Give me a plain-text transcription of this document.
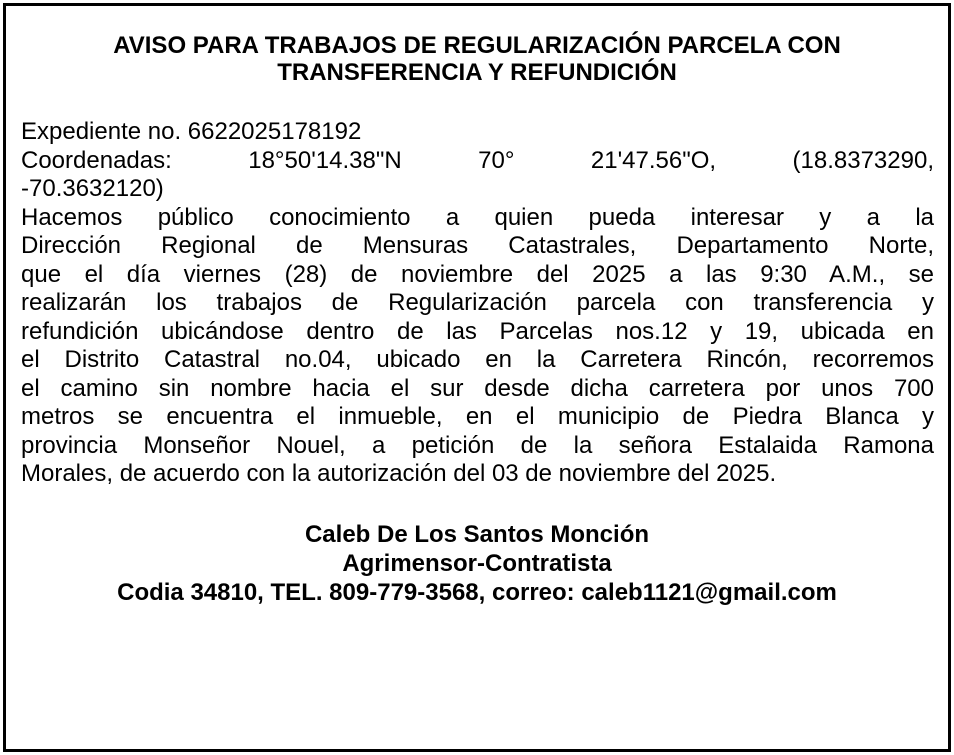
AVISO PARA TRABAJOS DE REGULARIZACIÓN PARCELA CON
TRANSFERENCIA Y REFUNDICIÓN
Expediente no. 6622025178192
Coordenadas: 18°50'14.38"N 70° 21'47.56"O, (18.8373290,
-70.3632120)
Hacemos público conocimiento a quien pueda interesar y a la
Dirección Regional de Mensuras Catastrales, Departamento Norte,
que el día viernes (28) de noviembre del 2025 a las 9:30 A.M., se
realizarán los trabajos de Regularización parcela con transferencia y
refundición ubicándose dentro de las Parcelas nos.12 y 19, ubicada en
el Distrito Catastral no.04, ubicado en la Carretera Rincón, recorremos
el camino sin nombre hacia el sur desde dicha carretera por unos 700
metros se encuentra el inmueble, en el municipio de Piedra Blanca y
provincia Monseñor Nouel, a petición de la señora Estalaida Ramona
Morales, de acuerdo con la autorización del 03 de noviembre del 2025.
Caleb De Los Santos Monción
Agrimensor-Contratista
Codia 34810, TEL. 809-779-3568, correo: caleb1121@gmail.com
